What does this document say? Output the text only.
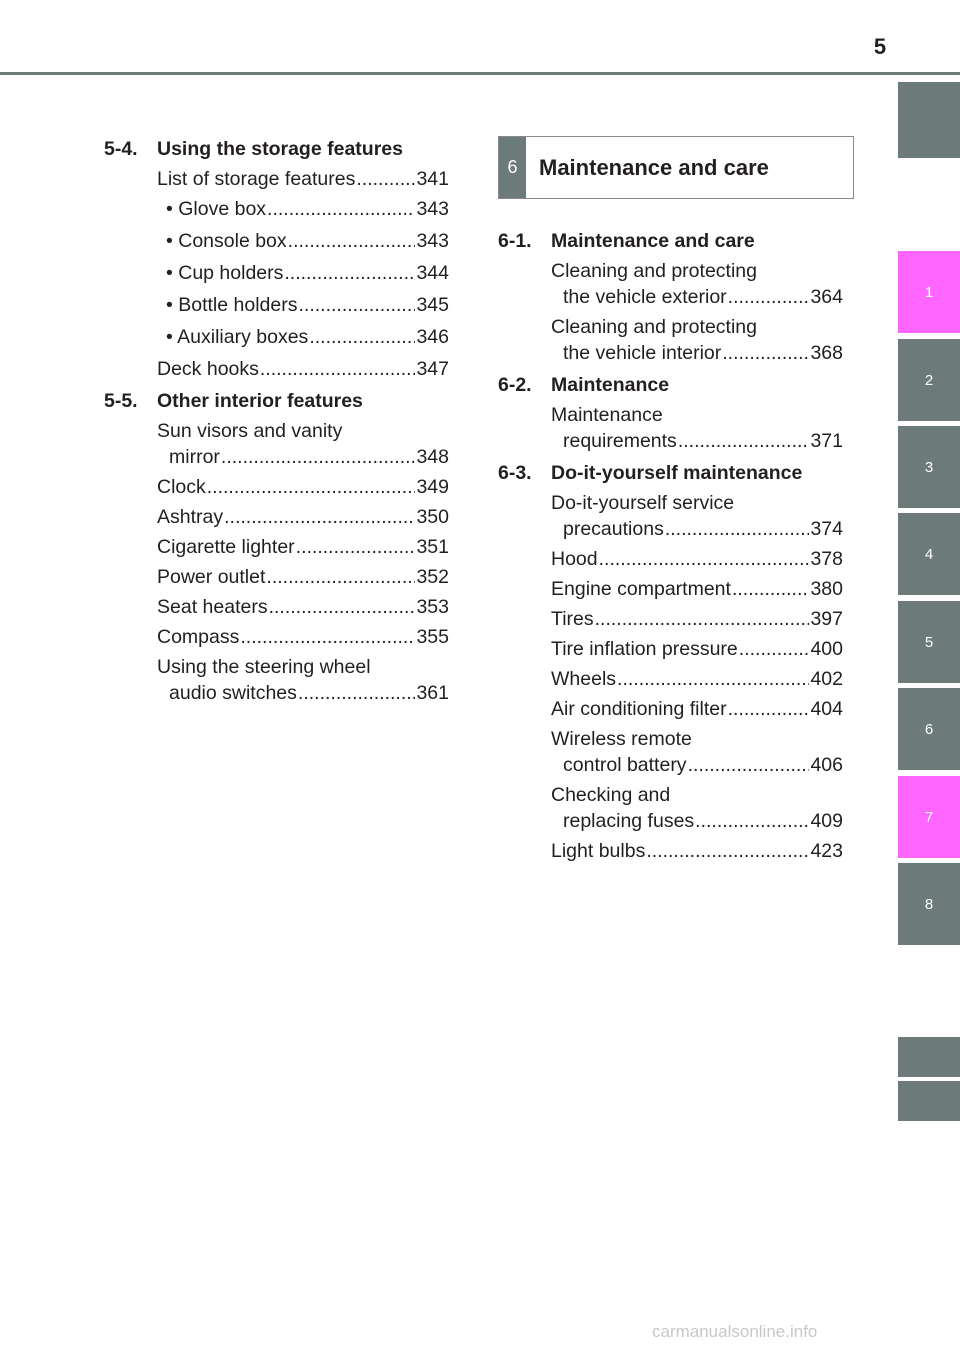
5
1
2
3
4
5
6
7
8
5-4. Using the storage features
List of storage features .....	341
• Glove box .....	343
• Console box .....	343
• Cup holders .....	344
• Bottle holders .....	345
• Auxiliary boxes .....	346
Deck hooks .....	347
5-5. Other interior features
Sun visors and vanity
mirror .....	348
Clock .....	349
Ashtray .....	350
Cigarette lighter .....	351
Power outlet .....	352
Seat heaters .....	353
Compass .....	355
Using the steering wheel
audio switches .....	361
6 Maintenance and care
6-1. Maintenance and care
Cleaning and protecting
the vehicle exterior .....	364
Cleaning and protecting
the vehicle interior .....	368
6-2. Maintenance
Maintenance
requirements .....	371
6-3. Do-it-yourself maintenance
Do-it-yourself service
precautions .....	374
Hood .....	378
Engine compartment .....	380
Tires .....	397
Tire inflation pressure .....	400
Wheels .....	402
Air conditioning filter .....	404
Wireless remote
control battery .....	406
Checking and
replacing fuses .....	409
Light bulbs .....	423
carmanualsonline.info
